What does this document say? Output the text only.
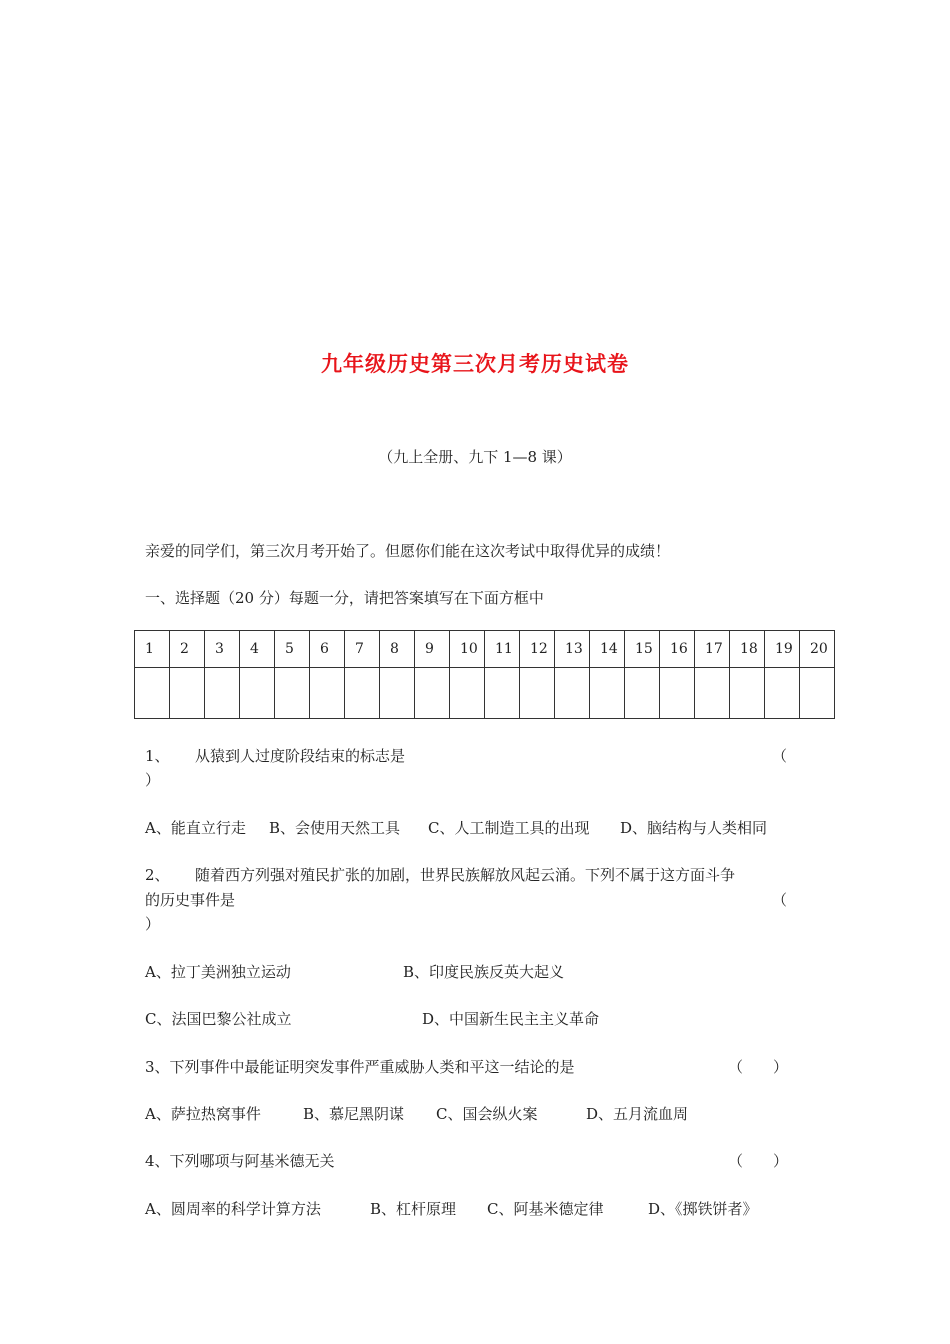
九年级历史第三次月考历史试卷
（九上全册、九下 1—8 课）
亲爱的同学们，第三次月考开始了。但愿你们能在这次考试中取得优异的成绩！
一、选择题（20 分）每题一分，请把答案填写在下面方框中
1	2	3	4	5	6	7	8	9	10	11	12	13	14	15	16	17	18	19	20

1、 从猿到人过度阶段结束的标志是	（
）
A、能直立行走 B、会使用天然工具 C、人工制造工具的出现 D、脑结构与人类相同
2、 随着西方列强对殖民扩张的加剧，世界民族解放风起云涌。下列不属于这方面斗争
的历史事件是	（
）
A、拉丁美洲独立运动	B、印度民族反英大起义
C、法国巴黎公社成立	D、中国新生民主主义革命
3、下列事件中最能证明突发事件严重威胁人类和平这一结论的是	（　　）
A、萨拉热窝事件	B、慕尼黑阴谋 C、国会纵火案	D、五月流血周
4、下列哪项与阿基米德无关	（　　）
A、圆周率的科学计算方法	B、杠杆原理 C、阿基米德定律	D、《掷铁饼者》
